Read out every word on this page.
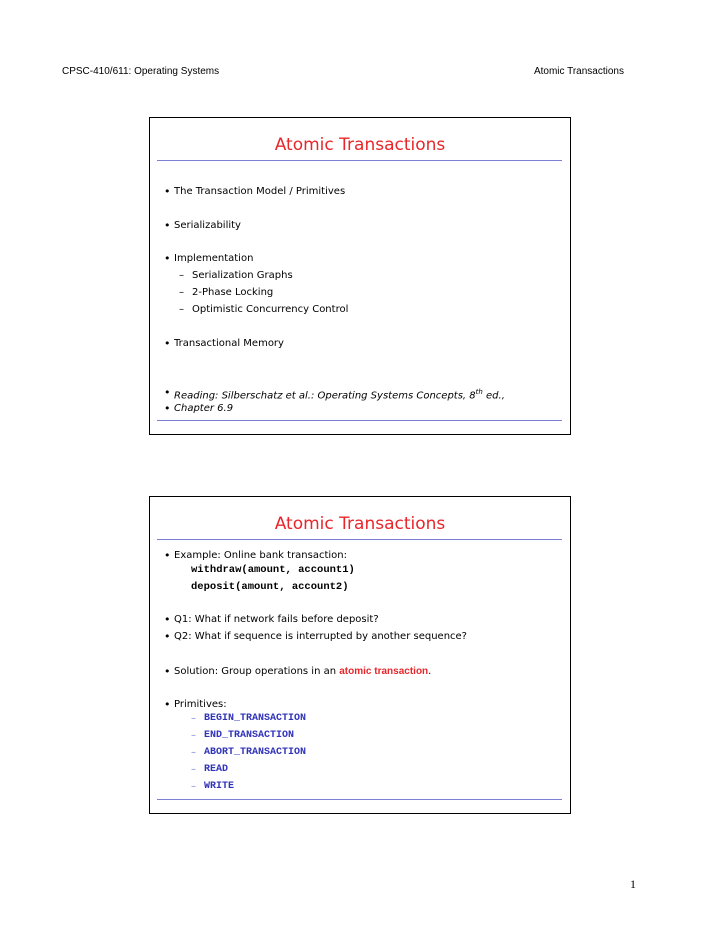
CPSC-410/611: Operating Systems	Atomic Transactions
Atomic Transactions
• The Transaction Model / Primitives
• Serializability
• Implementation
– Serialization Graphs
– 2-Phase Locking
– Optimistic Concurrency Control
• Transactional Memory
• Reading: Silberschatz et al.: Operating Systems Concepts, 8th ed.,
• Chapter 6.9
Atomic Transactions
• Example: Online bank transaction:
withdraw(amount, account1)
deposit(amount, account2)
• Q1: What if network fails before deposit?
• Q2: What if sequence is interrupted by another sequence?
• Solution: Group operations in an atomic transaction.
• Primitives:
– BEGIN_TRANSACTION
– END_TRANSACTION
– ABORT_TRANSACTION
– READ
– WRITE
1
